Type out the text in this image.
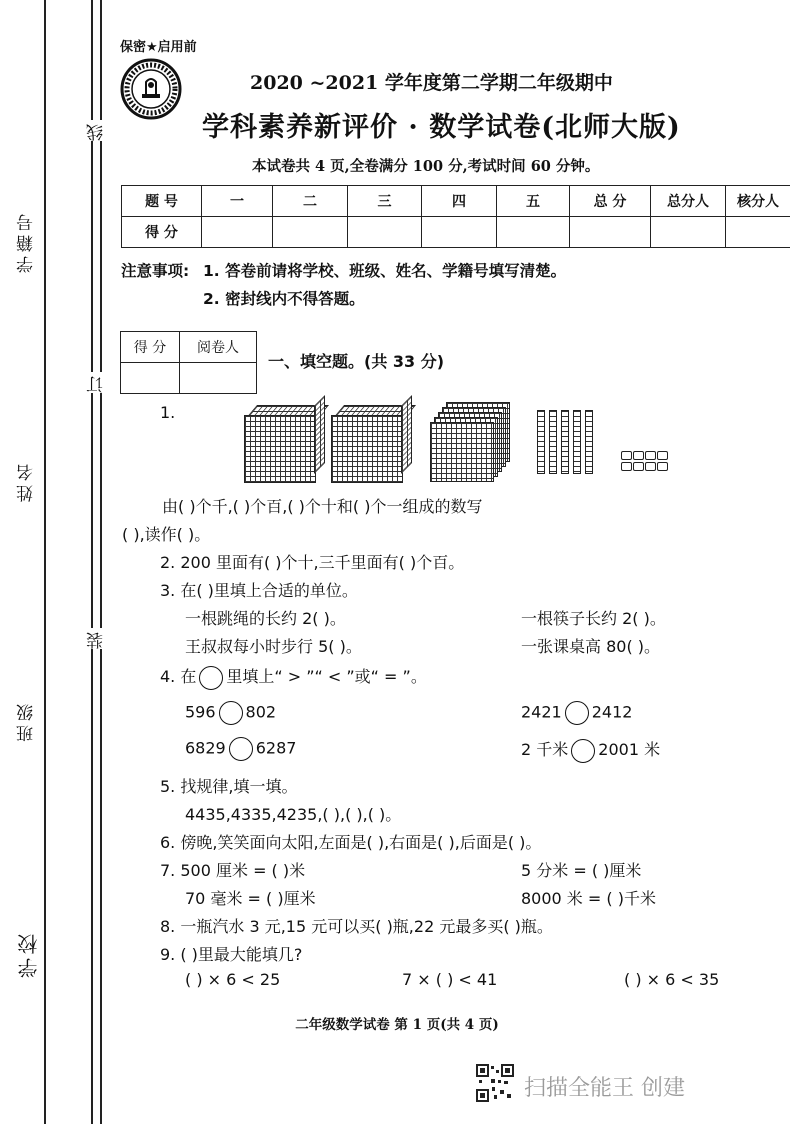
线
订
装
学籍号
姓名
班级
学校
保密★启用前
2020 ~2021 学年度第二学期二年级期中
学科素养新评价 · 数学试卷(北师大版)
本试卷共 4 页,全卷满分 100 分,考试时间 60 分钟。
题 号	一	二	三	四	五	总 分	总分人	核分人
得 分								
注意事项: 1. 答卷前请将学校、班级、姓名、学籍号填写清楚。
2. 密封线内不得答题。
得 分	阅卷人

一、填空题。(共 33 分)
1.
由( )个千,( )个百,( )个十和( )个一组成的数写
( ),读作( )。
2. 200 里面有( )个十,三千里面有( )个百。
3. 在( )里填上合适的单位。
一根跳绳的长约 2( )。	一根筷子长约 2( )。
王叔叔每小时步行 5( )。	一张课桌高 80( )。
4. 在 里填上“ > ”“ < ”或“ = ”。
596 802	2421 2412
6829 6287	2 千米 2001 米
5. 找规律,填一填。
4435,4335,4235,( ),( ),( )。
6. 傍晚,笑笑面向太阳,左面是( ),右面是( ),后面是( )。
7. 500 厘米 = ( )米	5 分米 = ( )厘米
70 毫米 = ( )厘米	8000 米 = ( )千米
8. 一瓶汽水 3 元,15 元可以买( )瓶,22 元最多买( )瓶。
9. ( )里最大能填几?
( ) × 6 < 25	7 × ( ) < 41	( ) × 6 < 35
二年级数学试卷 第 1 页(共 4 页)
扫描全能王 创建
